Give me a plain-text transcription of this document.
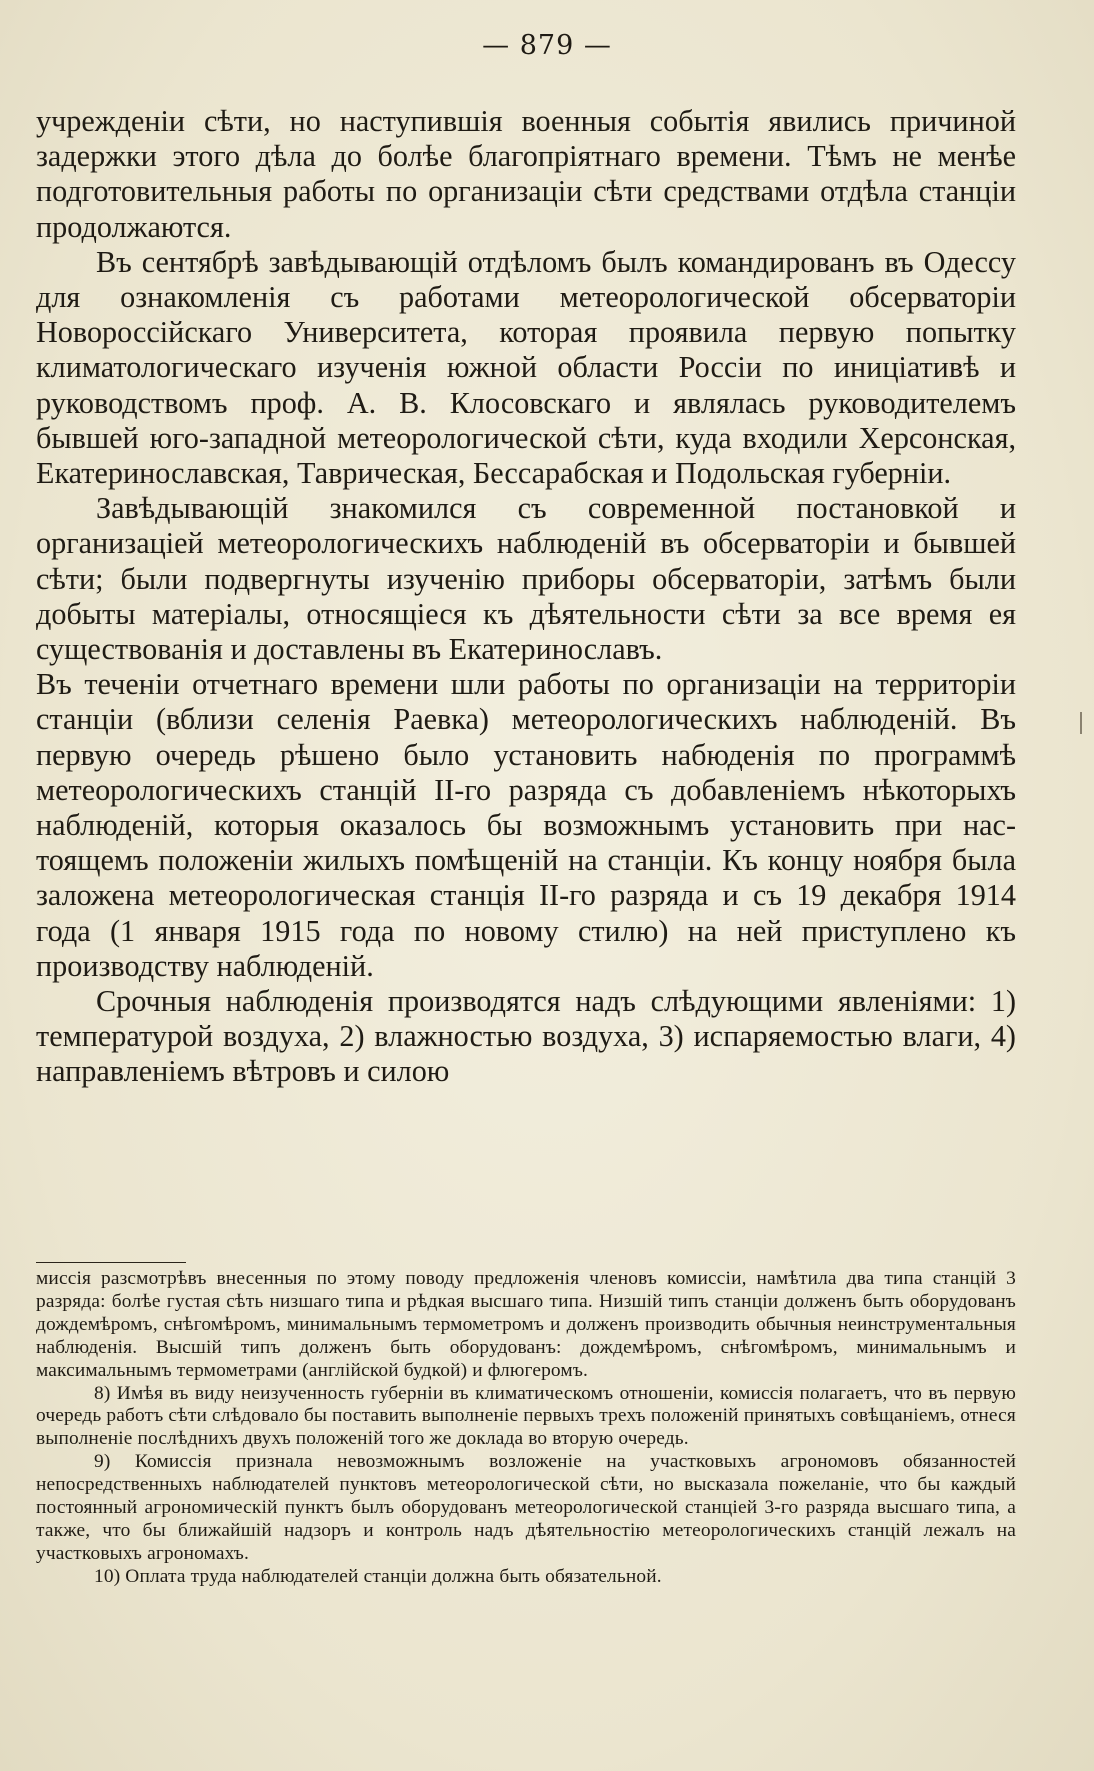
— 879 —

учрежденіи сѣти, но наступившія военныя событія явились причиной задержки этого дѣла до болѣе благопріятнаго времени. Тѣмъ не менѣе подготовительныя работы по организаціи сѣти средствами отдѣла станціи продолжаются.

Въ сентябрѣ завѣдывающій отдѣломъ былъ командированъ въ Одессу для ознакомленія съ работами метеорологической обсерваторіи Новороссійскаго Университета, которая проявила первую попытку климатологическаго изученія южной области Россіи по иниціативѣ и руководствомъ проф. А. В. Клосовскаго и являлась руководителемъ бывшей юго-западной метеорологической сѣти, куда входили Херсонская, Екатеринославская, Таврическая, Бессарабская и Подольская губерніи.

Завѣдывающій знакомился съ современной постановкой и организаціей метеорологическихъ наблюденій въ обсерваторіи и бывшей сѣти; были подвергнуты изученію приборы обсерваторіи, затѣмъ были добыты матеріалы, относящіеся къ дѣятельности сѣти за все время ея существованія и доставлены въ Екатеринославъ.

Въ теченіи отчетнаго времени шли работы по организаціи на территоріи станціи (вблизи селенія Раевка) метеорологическихъ наблюденій. Въ первую очередь рѣшено было установить набюденія по программѣ метеорологическихъ станцій II-го разряда съ добавленіемъ нѣкоторыхъ наблюденій, которыя оказалось бы возможнымъ установить при настоящемъ положеніи жилыхъ помѣщеній на станціи. Къ концу ноября была заложена метеорологическая станція II-го разряда и съ 19 декабря 1914 года (1 января 1915 года по новому стилю) на ней приступлено къ производству наблюденій.

Срочныя наблюденія производятся надъ слѣдующими явленіями: 1) температурой воздуха, 2) влажностью воздуха, 3) испаряемостью влаги, 4) направленіемъ вѣтровъ и силою

миссія разсмотрѣвъ внесенныя по этому поводу предложенія членовъ комиссіи, намѣтила два типа станцій 3 разряда: болѣе густая сѣть низшаго типа и рѣдкая высшаго типа. Низшій типъ станціи долженъ быть оборудованъ дождемѣромъ, снѣгомѣромъ, минимальнымъ термометромъ и долженъ производить обычныя неинструментальныя наблюденія. Высшій типъ долженъ быть оборудованъ: дождемѣромъ, снѣгомѣромъ, минимальнымъ и максимальнымъ термометрами (англійской будкой) и флюгеромъ.

8) Имѣя въ виду неизученность губерніи въ климатическомъ отношеніи, комиссія полагаетъ, что въ первую очередь работъ сѣти слѣдовало бы поставить выполненіе первыхъ трехъ положеній принятыхъ совѣщаніемъ, отнеся выполненіе послѣднихъ двухъ положеній того же доклада во вторую очередь.

9) Комиссія признала невозможнымъ возложеніе на участковыхъ агрономовъ обязанностей непосредственныхъ наблюдателей пунктовъ метеорологической сѣти, но высказала пожеланіе, что бы каждый постоянный агрономическій пунктъ былъ оборудованъ метеорологической станціей 3-го разряда высшаго типа, а также, что бы ближайшій надзоръ и контроль надъ дѣятельностію метеорологическихъ станцій лежалъ на участковыхъ агрономахъ.

10) Оплата труда наблюдателей станціи должна быть обязательной.
